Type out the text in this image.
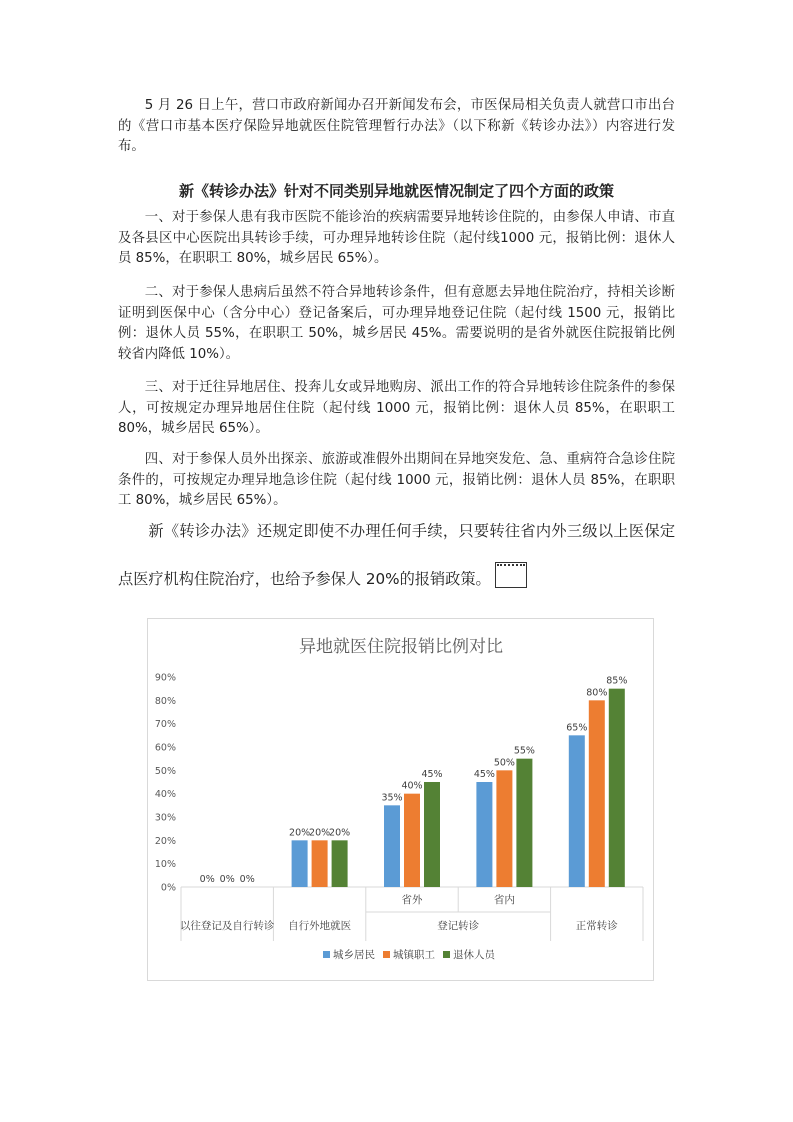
5 月 26 日上午，营口市政府新闻办召开新闻发布会，市医保局相关负责人就营口市出台的《营口市基本医疗保险异地就医住院管理暂行办法》（以下称新《转诊办法》）内容进行发布。

新《转诊办法》针对不同类别异地就医情况制定了四个方面的政策

一、对于参保人患有我市医院不能诊治的疾病需要异地转诊住院的，由参保人申请、市直及各县区中心医院出具转诊手续，可办理异地转诊住院（起付线1000 元，报销比例：退休人员 85%，在职职工 80%，城乡居民 65%）。

二、对于参保人患病后虽然不符合异地转诊条件，但有意愿去异地住院治疗，持相关诊断证明到医保中心（含分中心）登记备案后，可办理异地登记住院（起付线 1500 元，报销比例：退休人员 55%，在职职工 50%，城乡居民 45%。需要说明的是省外就医住院报销比例较省内降低 10%）。

三、对于迁往异地居住、投奔儿女或异地购房、派出工作的符合异地转诊住院条件的参保人，可按规定办理异地居住住院（起付线 1000 元，报销比例：退休人员 85%，在职职工 80%，城乡居民 65%）。

四、对于参保人员外出探亲、旅游或准假外出期间在异地突发危、急、重病符合急诊住院条件的，可按规定办理异地急诊住院（起付线 1000 元，报销比例：退休人员 85%，在职职工 80%，城乡居民 65%）。

新《转诊办法》还规定即使不办理任何手续，只要转往省内外三级以上医保定点医疗机构住院治疗，也给予参保人 20%的报销政策。

异地就医住院报销比例对比
0%
10%
20%
30%
40%
50%
60%
70%
80%
90%
0%
20%
35%
45%
65%
0%
20%
40%
50%
80%
0%
20%
45%
55%
85%
以往登记及自行转诊 自行外地就医
省外	省内
登记转诊	正常转诊
城乡居民 城镇职工 退休人员
